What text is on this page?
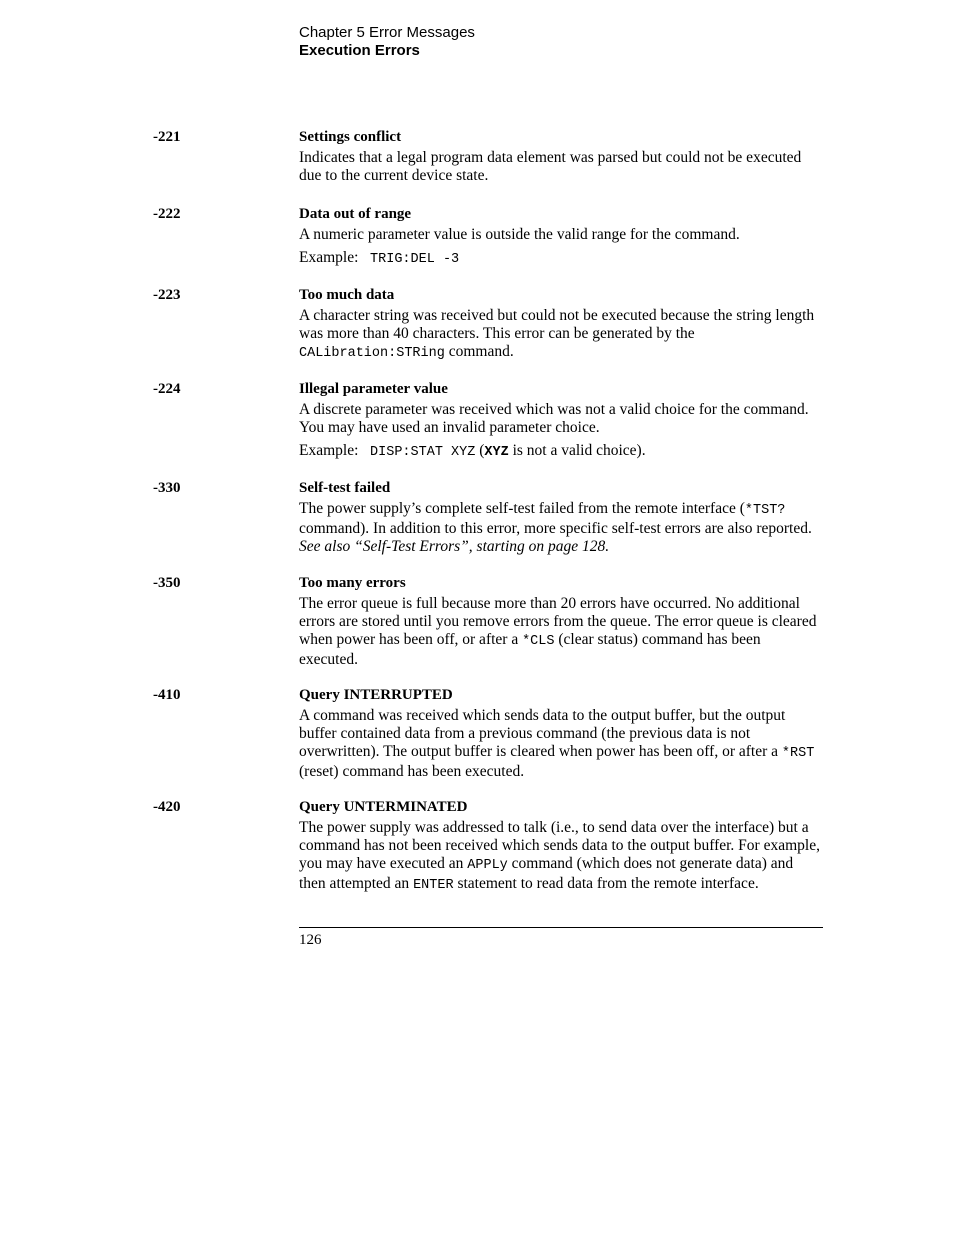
Chapter 5 Error Messages
Execution Errors
-221	Settings conflict

Indicates that a legal program data element was parsed but could not be executed due to the current device state.

-222	Data out of range

A numeric parameter value is outside the valid range for the command.

Example: TRIG:DEL -3

-223	Too much data

A character string was received but could not be executed because the string length was more than 40 characters. This error can be generated by the CALibration:STRing command.

-224	Illegal parameter value

A discrete parameter was received which was not a valid choice for the command. You may have used an invalid parameter choice.

Example: DISP:STAT XYZ (XYZ is not a valid choice).

-330	Self-test failed

The power supply’s complete self-test failed from the remote interface (*TST? command). In addition to this error, more specific self-test errors are also reported. See also “Self-Test Errors”, starting on page 128.

-350	Too many errors

The error queue is full because more than 20 errors have occurred. No additional errors are stored until you remove errors from the queue. The error queue is cleared when power has been off, or after a *CLS (clear status) command has been executed.

-410	Query INTERRUPTED

A command was received which sends data to the output buffer, but the output buffer contained data from a previous command (the previous data is not overwritten). The output buffer is cleared when power has been off, or after a *RST (reset) command has been executed.

-420	Query UNTERMINATED

The power supply was addressed to talk (i.e., to send data over the interface) but a command has not been received which sends data to the output buffer. For example, you may have executed an APPLy command (which does not generate data) and then attempted an ENTER statement to read data from the remote interface.

126
